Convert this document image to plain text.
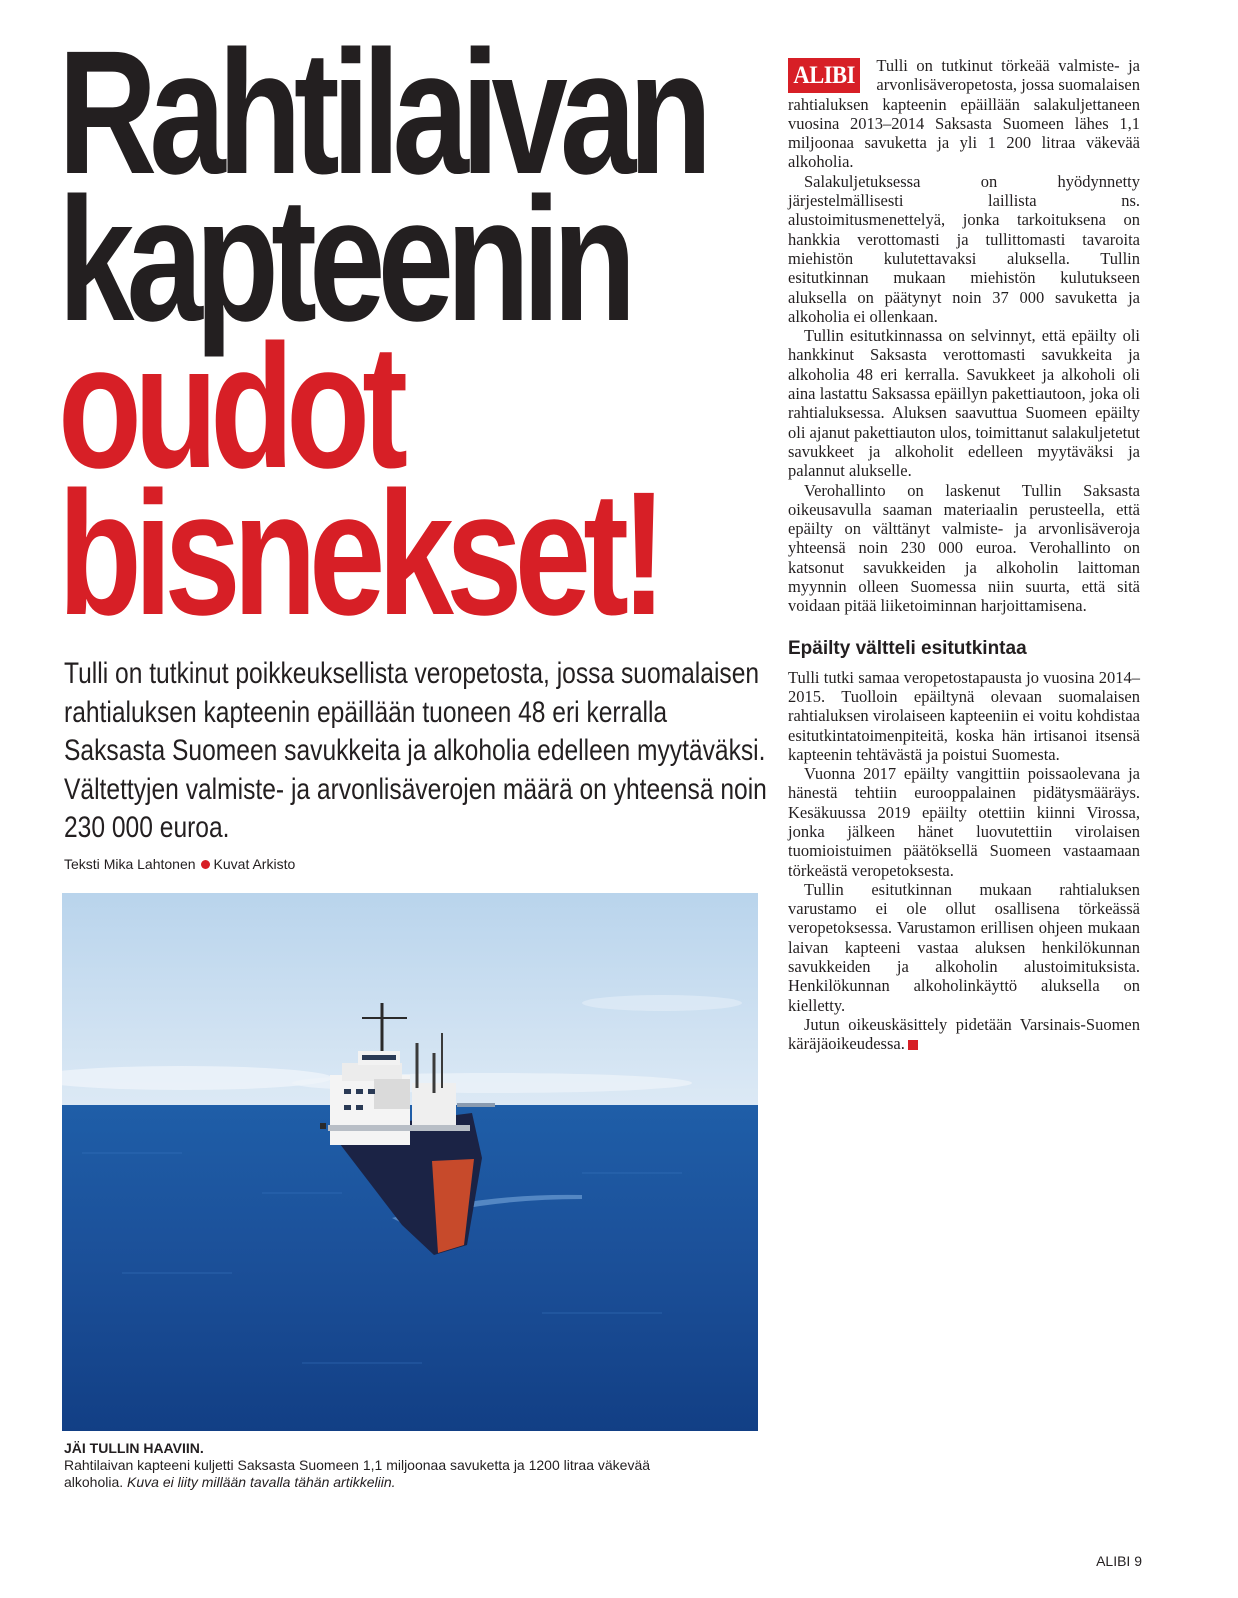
Rahtilaivan
kapteenin
oudot
bisnekset!

Tulli on tutkinut poikkeuksellista veropetosta, jossa suomalaisen rahtialuksen kapteenin epäillään tuoneen 48 eri kerralla Saksasta Suomeen savukkeita ja alkoholia edelleen myytäväksi. Vältettyjen valmiste- ja arvonlisäverojen määrä on yhteensä noin 230 000 euroa.

Teksti Mika Lahtonen Kuvat Arkisto
JÄI TULLIN HAAVIIN.
Rahtilaivan kapteeni kuljetti Saksasta Suomeen 1,1 miljoonaa savuketta ja 1200 litraa väkevää alkoholia. Kuva ei liity millään tavalla tähän artikkeliin.
ALIBI	Tulli on tutkinut törkeää valmiste- ja arvonlisäveropetosta, jossa suomalaisen rahtialuksen kapteenin epäillään salakuljettaneen vuosina 2013–2014 Saksasta Suomeen lähes 1,1 miljoonaa savuketta ja yli 1 200 litraa väkevää alkoholia.

Salakuljetuksessa on hyödynnetty järjestelmällisesti laillista ns. alustoimitusmenettelyä, jonka tarkoituksena on hankkia verottomasti ja tullittomasti tavaroita miehistön kulutettavaksi aluksella. Tullin esitutkinnan mukaan miehistön kulutukseen aluksella on päätynyt noin 37 000 savuketta ja alkoholia ei ollenkaan.

Tullin esitutkinnassa on selvinnyt, että epäilty oli hankkinut Saksasta verottomasti savukkeita ja alkoholia 48 eri kerralla. Savukkeet ja alkoholi oli aina lastattu Saksassa epäillyn pakettiautoon, joka oli rahtialuksessa. Aluksen saavuttua Suomeen epäilty oli ajanut pakettiauton ulos, toimittanut salakuljetetut savukkeet ja alkoholit edelleen myytäväksi ja palannut alukselle.

Verohallinto on laskenut Tullin Saksasta oikeusavulla saaman materiaalin perusteella, että epäilty on välttänyt valmiste- ja arvonlisäveroja yhteensä noin 230 000 euroa. Verohallinto on katsonut savukkeiden ja alkoholin laittoman myynnin olleen Suomessa niin suurta, että sitä voidaan pitää liiketoiminnan harjoittamisena.

Epäilty vältteli esitutkintaa

Tulli tutki samaa veropetostapausta jo vuosina 2014–2015. Tuolloin epäiltynä olevaan suomalaisen rahtialuksen virolaiseen kapteeniin ei voitu kohdistaa esitutkintatoimenpiteitä, koska hän irtisanoi itsensä kapteenin tehtävästä ja poistui Suomesta.

Vuonna 2017 epäilty vangittiin poissaolevana ja hänestä tehtiin eurooppalainen pidätysmääräys. Kesäkuussa 2019 epäilty otettiin kiinni Virossa, jonka jälkeen hänet luovutettiin virolaisen tuomioistuimen päätöksellä Suomeen vastaamaan törkeästä veropetoksesta.

Tullin esitutkinnan mukaan rahtialuksen varustamo ei ole ollut osallisena törkeässä veropetoksessa. Varustamon erillisen ohjeen mukaan laivan kapteeni vastaa aluksen henkilökunnan savukkeiden ja alkoholin alustoimituksista. Henkilökunnan alkoholinkäyttö aluksella on kielletty.

Jutun oikeuskäsittely pidetään Varsinais-Suomen käräjäoikeudessa.

ALIBI 9
